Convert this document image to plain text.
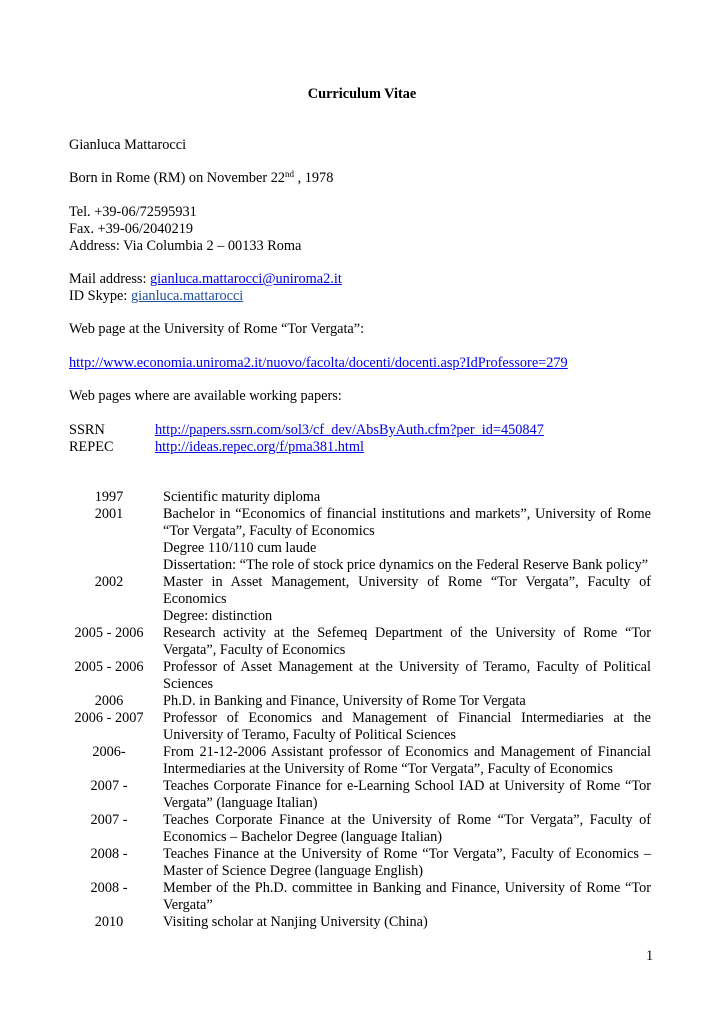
Curriculum Vitae
Gianluca Mattarocci
Born in Rome (RM) on November 22nd , 1978
Tel. +39-06/72595931
Fax. +39-06/2040219
Address: Via Columbia 2 – 00133 Roma
Mail address: gianluca.mattarocci@uniroma2.it
ID Skype: gianluca.mattarocci
Web page at the University of Rome “Tor Vergata”:
http://www.economia.uniroma2.it/nuovo/facolta/docenti/docenti.asp?IdProfessore=279
Web pages where are available working papers:
SSRN	http://papers.ssrn.com/sol3/cf_dev/AbsByAuth.cfm?per_id=450847
REPEC	http://ideas.repec.org/f/pma381.html
1997	Scientific maturity diploma
2001	Bachelor in “Economics of financial institutions and markets”, University of Rome “Tor Vergata”, Faculty of Economics
Degree 110/110 cum laude
Dissertation: “The role of stock price dynamics on the Federal Reserve Bank policy”
2002	Master in Asset Management, University of Rome “Tor Vergata”, Faculty of Economics
Degree: distinction
2005 - 2006	Research activity at the Sefemeq Department of the University of Rome “Tor Vergata”, Faculty of Economics
2005 - 2006	Professor of Asset Management at the University of Teramo, Faculty of Political Sciences
2006	Ph.D. in Banking and Finance, University of Rome Tor Vergata
2006 - 2007	Professor of Economics and Management of Financial Intermediaries at the University of Teramo, Faculty of Political Sciences
2006-	From 21-12-2006 Assistant professor of Economics and Management of Financial Intermediaries at the University of Rome “Tor Vergata”, Faculty of Economics
2007 -	Teaches Corporate Finance for e-Learning School IAD at University of Rome “Tor Vergata” (language Italian)
2007 -	Teaches Corporate Finance at the University of Rome “Tor Vergata”, Faculty of Economics – Bachelor Degree (language Italian)
2008 -	Teaches Finance at the University of Rome “Tor Vergata”, Faculty of Economics – Master of Science Degree (language English)
2008 -	Member of the Ph.D. committee in Banking and Finance, University of Rome “Tor Vergata”
2010	Visiting scholar at Nanjing University (China)
1
